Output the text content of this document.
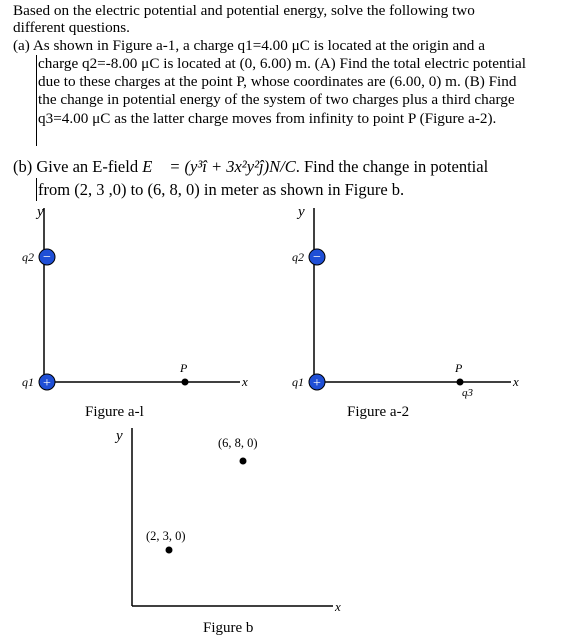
Based on the electric potential and potential energy, solve the following two
different questions.
(a) As shown in Figure a-1, a charge q1=4.00 μC is located at the origin and a
charge q2=-8.00 μC is located at (0, 6.00) m. (A) Find the total electric potential
due to these charges at the point P, whose coordinates are (6.00, 0) m. (B) Find
the change in potential energy of the system of two charges plus a third charge
q3=4.00 μC as the latter charge moves from infinity to point P (Figure a-2).
(b) Give an E-field E⃗ = (y³î + 3x²y²ĵ)N/C. Find the change in potential
from (2, 3 ,0) to (6, 8, 0) in meter as shown in Figure b.
y
x
−
q2
+
q1
P
Figure a-l
y
x
−
q2
+
q1
P
q3
Figure a-2
y
x
(6, 8, 0)
(2, 3, 0)
Figure b
